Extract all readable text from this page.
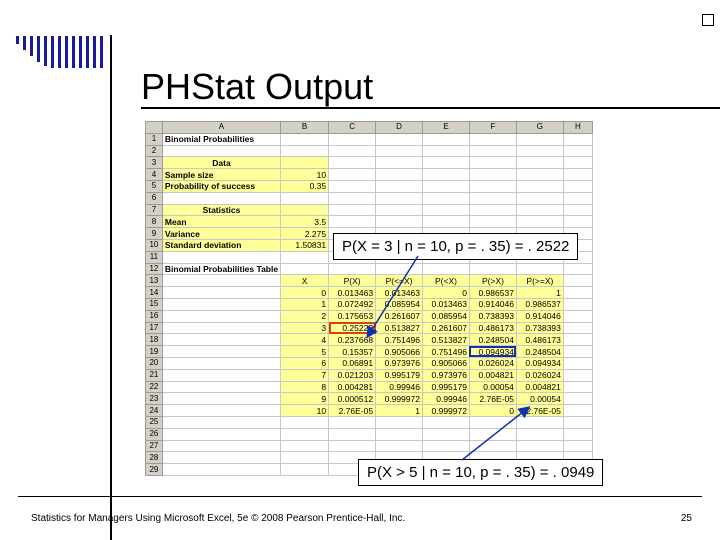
PHStat Output
	A	B	C	D	E	F	G	H
1	Binomial Probabilities							
2								
3	Data							
4	Sample size	10						
5	Probability of success	0.35						
6								
7	Statistics							
8	Mean	3.5						
9	Variance	2.275						
10	Standard deviation	1.50831						
11								
12	Binomial Probabilities Table							
13		X	P(X)	P(<=X)	P(<X)	P(>X)	P(>=X)	
14		0	0.013463	0.013463	0	0.986537	1	
15		1	0.072492	0.085954	0.013463	0.914046	0.986537	
16		2	0.175653	0.261607	0.085954	0.738393	0.914046	
17		3	0.25222	0.513827	0.261607	0.486173	0.738393	
18		4	0.237668	0.751496	0.513827	0.248504	0.486173	
19		5	0.15357	0.905066	0.751496	0.094934	0.248504	
20		6	0.06891	0.973976	0.905066	0.026024	0.094934	
21		7	0.021203	0.995179	0.973976	0.004821	0.026024	
22		8	0.004281	0.99946	0.995179	0.00054	0.004821	
23		9	0.000512	0.999972	0.99946	2.76E-05	0.00054	
24		10	2.76E-05	1	0.999972	0	2.76E-05	
25								
26								
27								
28								
29								
P(X = 3 | n = 10, p = . 35) = . 2522
P(X > 5 | n = 10, p = . 35) = . 0949
Statistics for Managers Using Microsoft Excel, 5e © 2008 Pearson Prentice-Hall, Inc.	25
